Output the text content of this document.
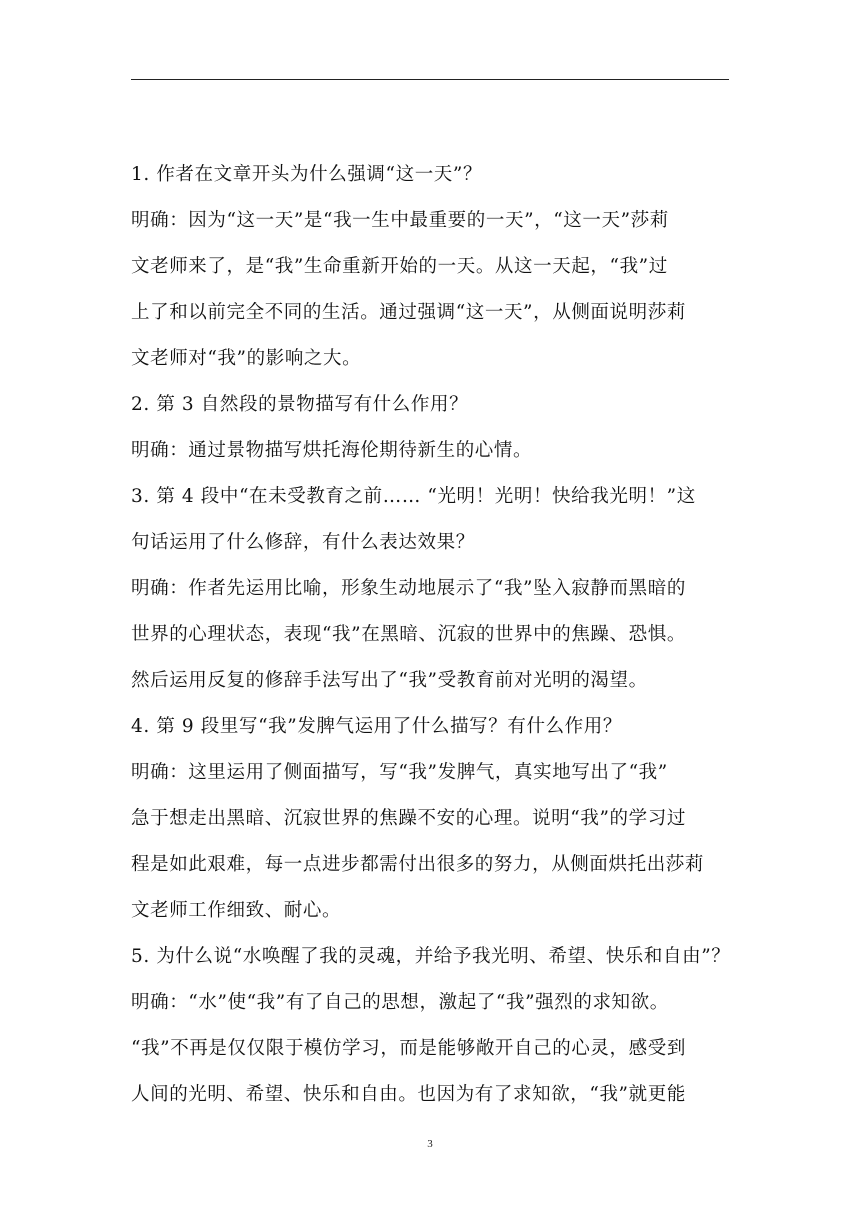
1. 作者在文章开头为什么强调“这一天”？
明确：因为“这一天”是“我一生中最重要的一天”，“这一天”莎莉
文老师来了，是“我”生命重新开始的一天。从这一天起，“我”过
上了和以前完全不同的生活。通过强调“这一天”，从侧面说明莎莉
文老师对“我”的影响之大。
2. 第 3 自然段的景物描写有什么作用？
明确：通过景物描写烘托海伦期待新生的心情。
3. 第 4 段中“在未受教育之前…… “光明！光明！快给我光明！”这
句话运用了什么修辞，有什么表达效果？
明确：作者先运用比喻，形象生动地展示了“我”坠入寂静而黑暗的
世界的心理状态，表现“我”在黑暗、沉寂的世界中的焦躁、恐惧。
然后运用反复的修辞手法写出了“我”受教育前对光明的渴望。
4. 第 9 段里写“我”发脾气运用了什么描写？有什么作用？
明确：这里运用了侧面描写，写“我”发脾气，真实地写出了“我”
急于想走出黑暗、沉寂世界的焦躁不安的心理。说明“我”的学习过
程是如此艰难，每一点进步都需付出很多的努力，从侧面烘托出莎莉
文老师工作细致、耐心。
5. 为什么说“水唤醒了我的灵魂，并给予我光明、希望、快乐和自由”？
明确：“水”使“我”有了自己的思想，激起了“我”强烈的求知欲。
“我”不再是仅仅限于模仿学习，而是能够敞开自己的心灵，感受到
人间的光明、希望、快乐和自由。也因为有了求知欲，“我”就更能
3
